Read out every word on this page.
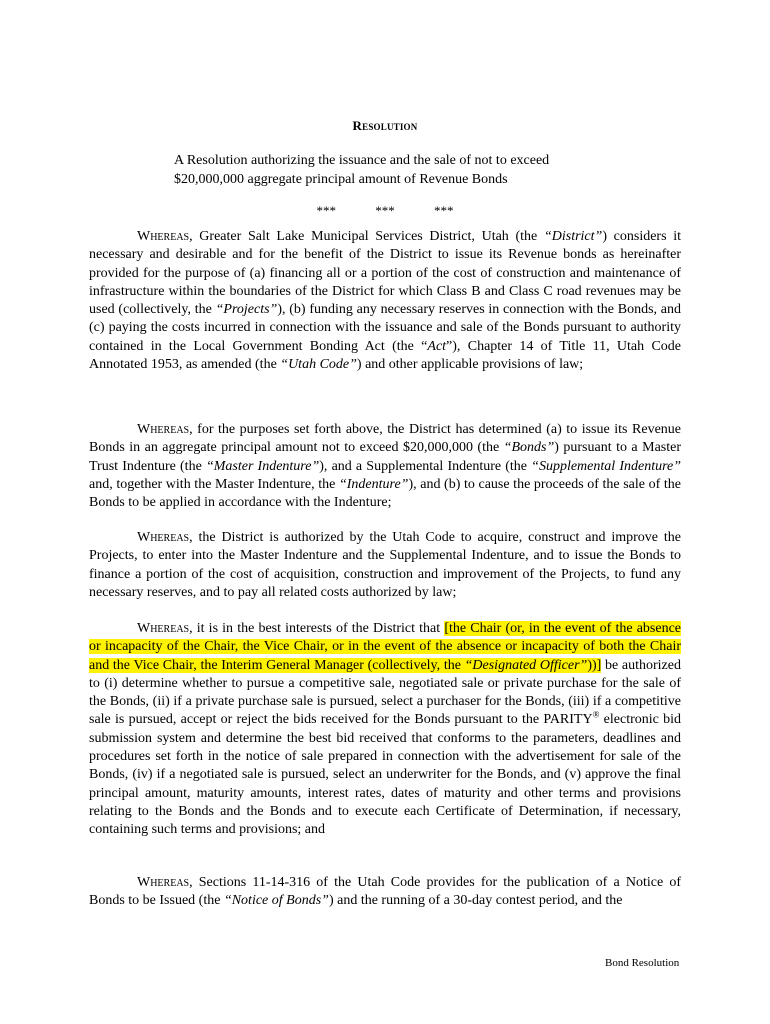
Resolution
A Resolution authorizing the issuance and the sale of not to exceed $20,000,000 aggregate principal amount of Revenue Bonds
*** *** ***

Whereas, Greater Salt Lake Municipal Services District, Utah (the “District”) considers it necessary and desirable and for the benefit of the District to issue its Revenue bonds as hereinafter provided for the purpose of (a) financing all or a portion of the cost of construction and maintenance of infrastructure within the boundaries of the District for which Class B and Class C road revenues may be used (collectively, the “Projects”), (b) funding any necessary reserves in connection with the Bonds, and (c) paying the costs incurred in connection with the issuance and sale of the Bonds pursuant to authority contained in the Local Government Bonding Act (the “Act”), Chapter 14 of Title 11, Utah Code Annotated 1953, as amended (the “Utah Code”) and other applicable provisions of law;

Whereas, for the purposes set forth above, the District has determined (a) to issue its Revenue Bonds in an aggregate principal amount not to exceed $20,000,000 (the “Bonds”) pursuant to a Master Trust Indenture (the “Master Indenture”), and a Supplemental Indenture (the “Supplemental Indenture” and, together with the Master Indenture, the “Indenture”), and (b) to cause the proceeds of the sale of the Bonds to be applied in accordance with the Indenture;

Whereas, the District is authorized by the Utah Code to acquire, construct and improve the Projects, to enter into the Master Indenture and the Supplemental Indenture, and to issue the Bonds to finance a portion of the cost of acquisition, construction and improvement of the Projects, to fund any necessary reserves, and to pay all related costs authorized by law;

Whereas, it is in the best interests of the District that [the Chair (or, in the event of the absence or incapacity of the Chair, the Vice Chair, or in the event of the absence or incapacity of both the Chair and the Vice Chair, the Interim General Manager (collectively, the “Designated Officer”))] be authorized to (i) determine whether to pursue a competitive sale, negotiated sale or private purchase for the sale of the Bonds, (ii) if a private purchase sale is pursued, select a purchaser for the Bonds, (iii) if a competitive sale is pursued, accept or reject the bids received for the Bonds pursuant to the PARITY® electronic bid submission system and determine the best bid received that conforms to the parameters, deadlines and procedures set forth in the notice of sale prepared in connection with the advertisement for sale of the Bonds, (iv) if a negotiated sale is pursued, select an underwriter for the Bonds, and (v) approve the final principal amount, maturity amounts, interest rates, dates of maturity and other terms and provisions relating to the Bonds and the Bonds and to execute each Certificate of Determination, if necessary, containing such terms and provisions; and

Whereas, Sections 11-14-316 of the Utah Code provides for the publication of a Notice of Bonds to be Issued (the “Notice of Bonds”) and the running of a 30-day contest period, and the

Bond Resolution
